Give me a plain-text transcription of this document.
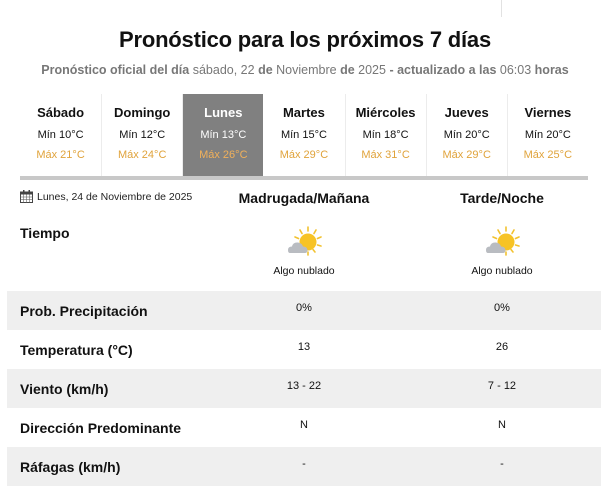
Pronóstico para los próximos 7 días
Pronóstico oficial del día sábado, 22 de Noviembre de 2025 - actualizado a las 06:03 horas
Sábado
Mín 10°C
Máx 21°C
Domingo
Mín 12°C
Máx 24°C
Lunes
Mín 13°C
Máx 26°C
Martes
Mín 15°C
Máx 29°C
Miércoles
Mín 18°C
Máx 31°C
Jueves
Mín 20°C
Máx 29°C
Viernes
Mín 20°C
Máx 25°C
Lunes, 24 de Noviembre de 2025	Madrugada/Mañana	Tarde/Noche
Tiempo
Algo nublado	Algo nublado
Prob. Precipitación	0%	0%
Temperatura (°C)	13	26
Viento (km/h)	13 - 22	7 - 12
Dirección Predominante	N	N
Ráfagas (km/h)	-	-
